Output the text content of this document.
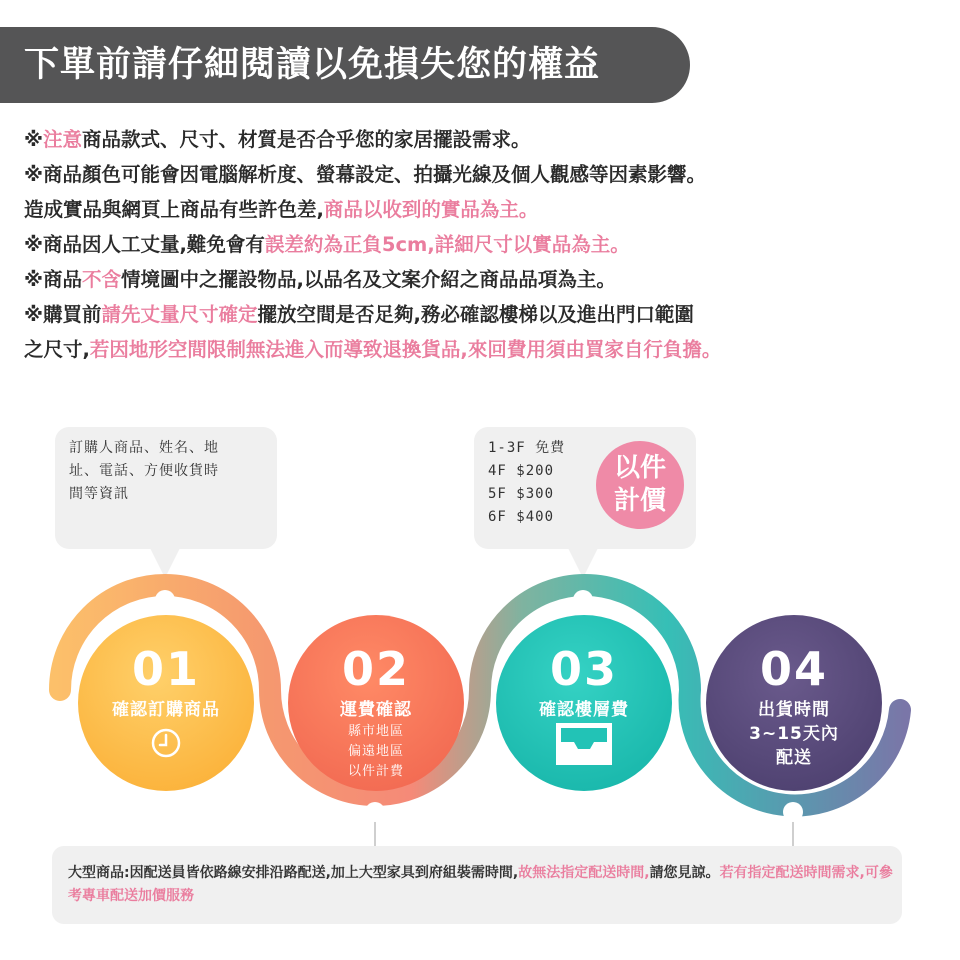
下單前請仔細閱讀以免損失您的權益
※注意商品款式、尺寸、材質是否合乎您的家居擺設需求。
※商品顏色可能會因電腦解析度、螢幕設定、拍攝光線及個人觀感等因素影響。
造成實品與網頁上商品有些許色差,商品以收到的實品為主。
※商品因人工丈量,難免會有誤差約為正負5cm,詳細尺寸以實品為主。
※商品不含情境圖中之擺設物品,以品名及文案介紹之商品品項為主。
※購買前請先丈量尺寸確定擺放空間是否足夠,務必確認樓梯以及進出門口範圍
之尺寸,若因地形空間限制無法進入而導致退換貨品,來回費用須由買家自行負擔。
訂購人商品、姓名、地
址、電話、方便收貨時
間等資訊
1-3F 免費
4F $200
5F $300
6F $400
以件
計價
01
確認訂購商品
02
運費確認
縣市地區
偏遠地區
以件計費
03
確認樓層費
04
出貨時間
3~15天內
配送
大型商品:因配送員皆依路線安排沿路配送,加上大型家具到府組裝需時間,故無法指定配送時間,請您見諒。若有指定配送時間需求,可參考專車配送加價服務
